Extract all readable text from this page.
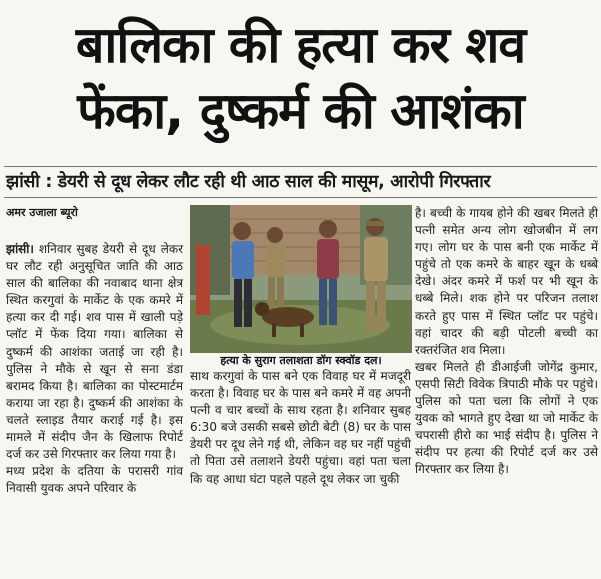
बालिका की हत्या कर शव
फेंका, दुष्कर्म की आशंका
झांसी : डेयरी से दूध लेकर लौट रही थी आठ साल की मासूम, आरोपी गिरफ्तार
अमर उजाला ब्यूरो
झांसी। शनिवार सुबह डेयरी से दूध लेकर घर लौट रही अनुसूचित जाति की आठ साल की बालिका की नवाबाद थाना क्षेत्र स्थित करगुवां के मार्केट के एक कमरे में हत्या कर दी गई। शव पास में खाली पड़े प्लॉट में फेंक दिया गया। बालिका से दुष्कर्म की आशंका जताई जा रही है। पुलिस ने मौके से खून से सना डंडा बरामद किया है। बालिका का पोस्टमार्टम कराया जा रहा है। दुष्कर्म की आशंका के चलते स्लाइड तैयार कराई गई है। इस मामले में संदीप जैन के खिलाफ रिपोर्ट दर्ज कर उसे गिरफ्तार कर लिया गया है।
मध्य प्रदेश के दतिया के परासरी गांव निवासी युवक अपने परिवार के
हत्या के सुराग तलाशता डॉग स्क्वॉड दल।
साथ करगुवां के पास बने एक विवाह घर में मजदूरी करता है। विवाह घर के पास बने कमरे में वह अपनी पत्नी व चार बच्चों के साथ रहता है। शनिवार सुबह 6:30 बजे उसकी सबसे छोटी बेटी (8) घर के पास डेयरी पर दूध लेने गई थी, लेकिन वह घर नहीं पहुंची तो पिता उसे तलाशने डेयरी पहुंचा। वहां पता चला कि वह आधा घंटा पहले पहले दूध लेकर जा चुकी
है। बच्ची के गायब होने की खबर मिलते ही पत्नी समेत अन्य लोग खोजबीन में लग गए। लोग घर के पास बनी एक मार्केट में पहुंचे तो एक कमरे के बाहर खून के धब्बे देखे। अंदर कमरे में फर्श पर भी खून के धब्बे मिले। शक होने पर परिजन तलाश करते हुए पास में स्थित प्लॉट पर पहुंचे। वहां चादर की बड़ी पोटली बच्ची का रक्तरंजित शव मिला।
खबर मिलते ही डीआईजी जोगेंद्र कुमार, एसपी सिटी विवेक त्रिपाठी मौके पर पहुंचे। पुलिस को पता चला कि लोगों ने एक युवक को भागते हुए देखा था जो मार्केट के चपरासी हीरो का भाई संदीप है। पुलिस ने संदीप पर हत्या की रिपोर्ट दर्ज कर उसे गिरफ्तार कर लिया है।
